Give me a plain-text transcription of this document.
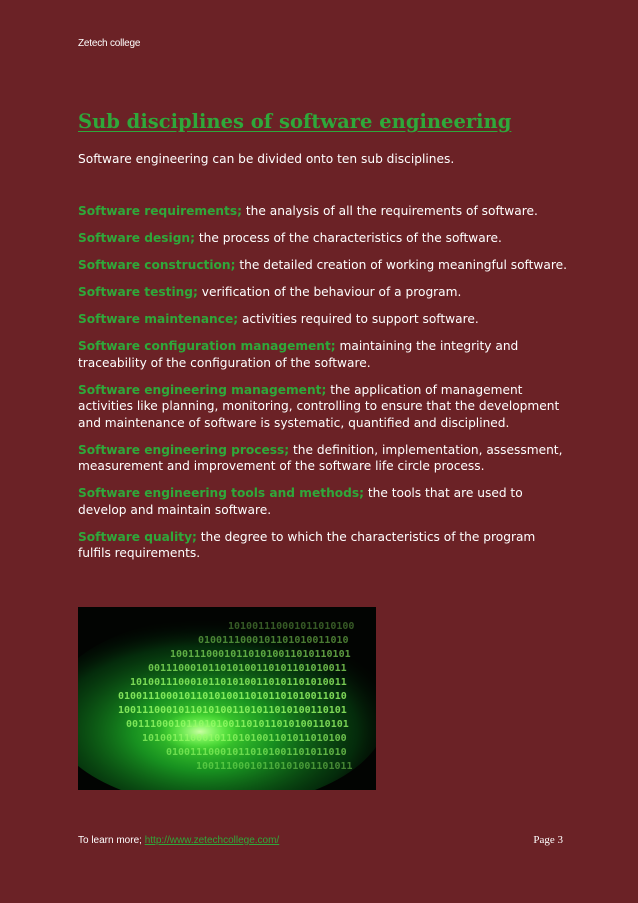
Zetech college
Sub disciplines of software engineering
Software engineering can be divided onto ten sub disciplines.

Software requirements; the analysis of all the requirements of software.

Software design; the process of the characteristics of the software.

Software construction; the detailed creation of working meaningful software.

Software testing; verification of the behaviour of a program.

Software maintenance; activities required to support software.

Software configuration management; maintaining the integrity and traceability of the configuration of the software.

Software engineering management; the application of management activities like planning, monitoring, controlling to ensure that the development and maintenance of software is systematic, quantified and disciplined.

Software engineering process; the definition, implementation, assessment, measurement and improvement of the software life circle process.

Software engineering tools and methods; the tools that are used to develop and maintain software.

Software quality; the degree to which the characteristics of the program fulfils requirements.

101001110001011010100
0100111000101101010011010
100111000101101010011010110101
001110001011010100110101101010011
101001110001011010100110101101010011
01001110001011010100110101101010011010
10011100010110101001101011010100110101
0011100010110101001101011010100110101
1010011100010110101001101011010100
010011100010110101001101011010
10011100010110101001101011
To learn more; http://www.zetechcollege.com/	Page 3
